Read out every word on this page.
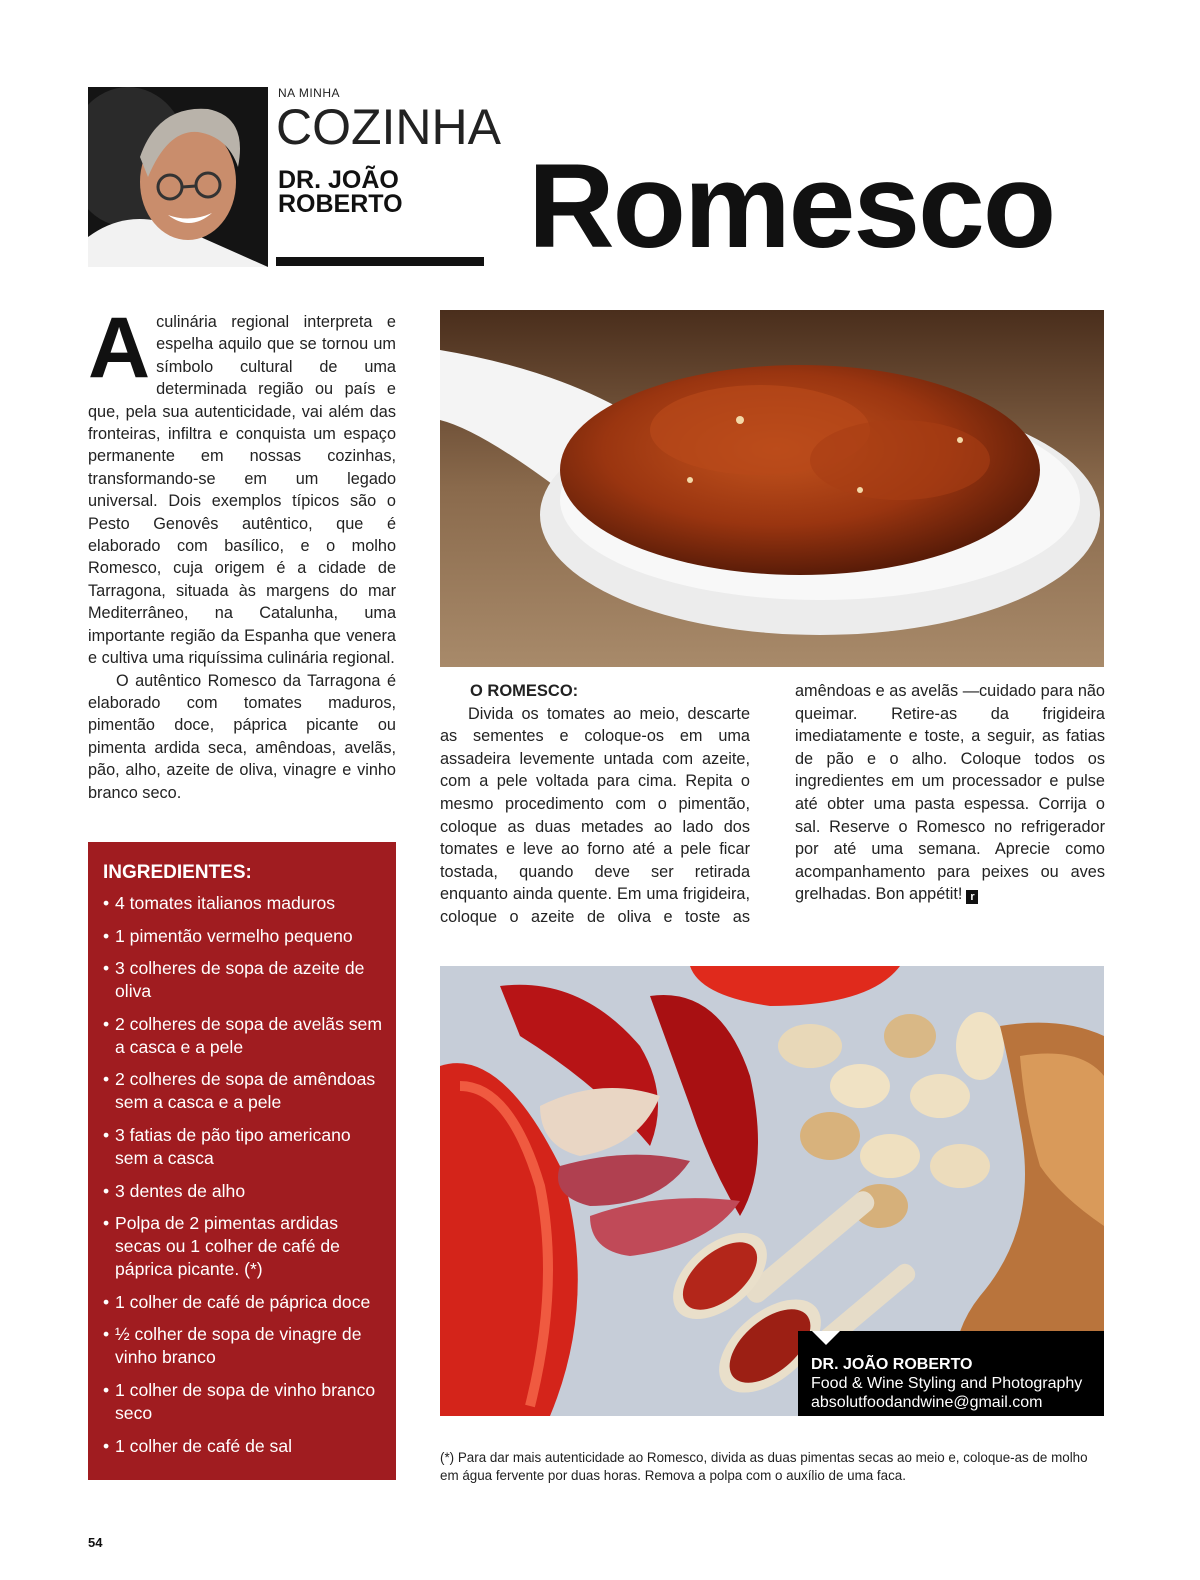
NA MINHA
COZINHA
DR. JOÃO ROBERTO Romesco

A culinária regional interpreta e espelha aquilo que se tornou um símbolo cultural de uma determinada região ou país e que, pela sua autenticidade, vai além das fronteiras, infiltra e conquista um espaço permanente em nossas cozinhas, transformando-se em um legado universal. Dois exemplos típicos são o Pesto Genovês autêntico, que é elaborado com basílico, e o molho Romesco, cuja origem é a cidade de Tarragona, situada às margens do mar Mediterrâneo, na Catalunha, uma importante região da Espanha que venera e cultiva uma riquíssima culinária regional.

O autêntico Romesco da Tarragona é elaborado com tomates maduros, pimentão doce, páprica picante ou pimenta ardida seca, amêndoas, avelãs, pão, alho, azeite de oliva, vinagre e vinho branco seco.

INGREDIENTES:
• 4 tomates italianos maduros
• 1 pimentão vermelho pequeno
• 3 colheres de sopa de azeite de oliva
• 2 colheres de sopa de avelãs sem a casca e a pele
• 2 colheres de sopa de amêndoas sem a casca e a pele
• 3 fatias de pão tipo americano sem a casca
• 3 dentes de alho
• Polpa de 2 pimentas ardidas secas ou 1 colher de café de páprica picante. (*)
• 1 colher de café de páprica doce
• ½ colher de sopa de vinagre de vinho branco
• 1 colher de sopa de vinho branco seco
• 1 colher de café de sal
O ROMESCO:

Divida os tomates ao meio, descarte as sementes e coloque-os em uma assadeira levemente untada com azeite, com a pele voltada para cima. Repita o mesmo procedimento com o pimentão, coloque as duas metades ao lado dos tomates e leve ao forno até a pele ficar tostada, quando deve ser retirada enquanto ainda quente. Em uma frigideira, coloque o azeite de oliva e toste as amêndoas e as avelãs —cuidado para não queimar. Retire-as da frigideira imediatamente e toste, a seguir, as fatias de pão e o alho. Coloque todos os ingredientes em um processador e pulse até obter uma pasta espessa. Corrija o sal. Reserve o Romesco no refrigerador por até uma semana. Aprecie como acompanhamento para peixes ou aves grelhadas. Bon appétit! r

DR. JOÃO ROBERTO
Food & Wine Styling and Photography
absolutfoodandwine@gmail.com
(*) Para dar mais autenticidade ao Romesco, divida as duas pimentas secas ao meio e, coloque-as de molho em água fervente por duas horas. Remova a polpa com o auxílio de uma faca.
54
